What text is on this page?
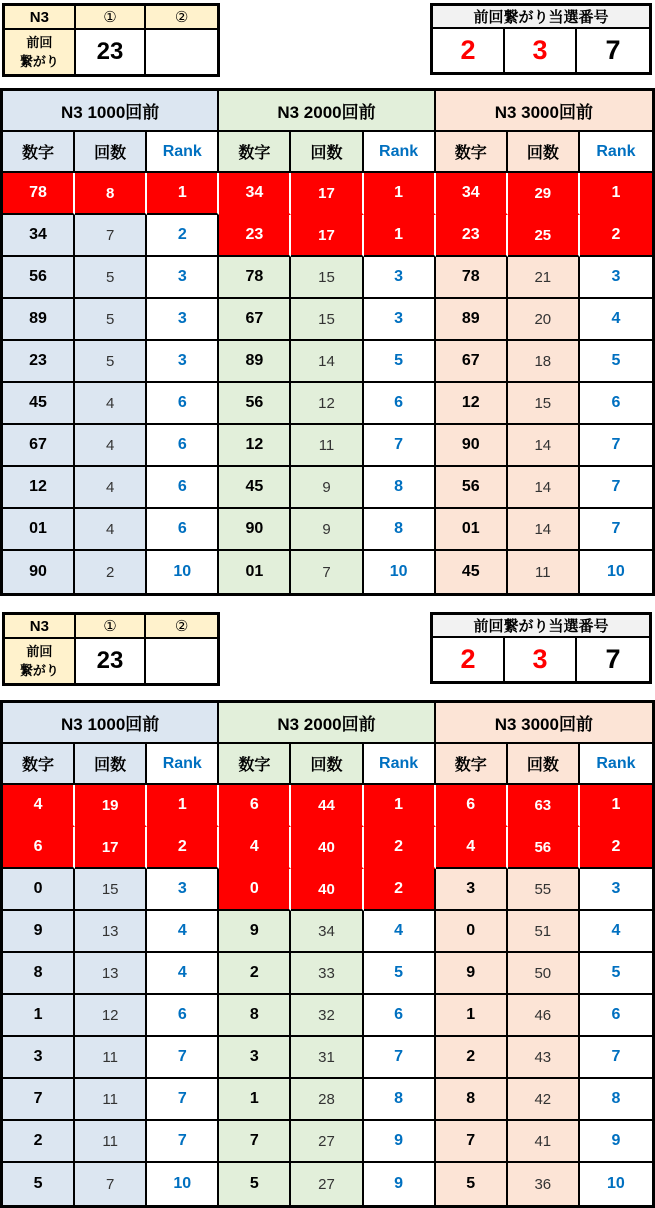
N3	①	②
前回
繋がり	23	
前回繋がり当選番号
2	3	7
N3 1000回前			N3 2000回前			N3 3000回前		
数字	回数	Rank	数字	回数	Rank	数字	回数	Rank
78	8	1	34	17	1	34	29	1
34	7	2	23	17	1	23	25	2
56	5	3	78	15	3	78	21	3
89	5	3	67	15	3	89	20	4
23	5	3	89	14	5	67	18	5
45	4	6	56	12	6	12	15	6
67	4	6	12	11	7	90	14	7
12	4	6	45	9	8	56	14	7
01	4	6	90	9	8	01	14	7
90	2	10	01	7	10	45	11	10
N3	①	②
前回
繋がり	23	
前回繋がり当選番号
2	3	7
N3 1000回前			N3 2000回前			N3 3000回前		
数字	回数	Rank	数字	回数	Rank	数字	回数	Rank
4	19	1	6	44	1	6	63	1
6	17	2	4	40	2	4	56	2
0	15	3	0	40	2	3	55	3
9	13	4	9	34	4	0	51	4
8	13	4	2	33	5	9	50	5
1	12	6	8	32	6	1	46	6
3	11	7	3	31	7	2	43	7
7	11	7	1	28	8	8	42	8
2	11	7	7	27	9	7	41	9
5	7	10	5	27	9	5	36	10
